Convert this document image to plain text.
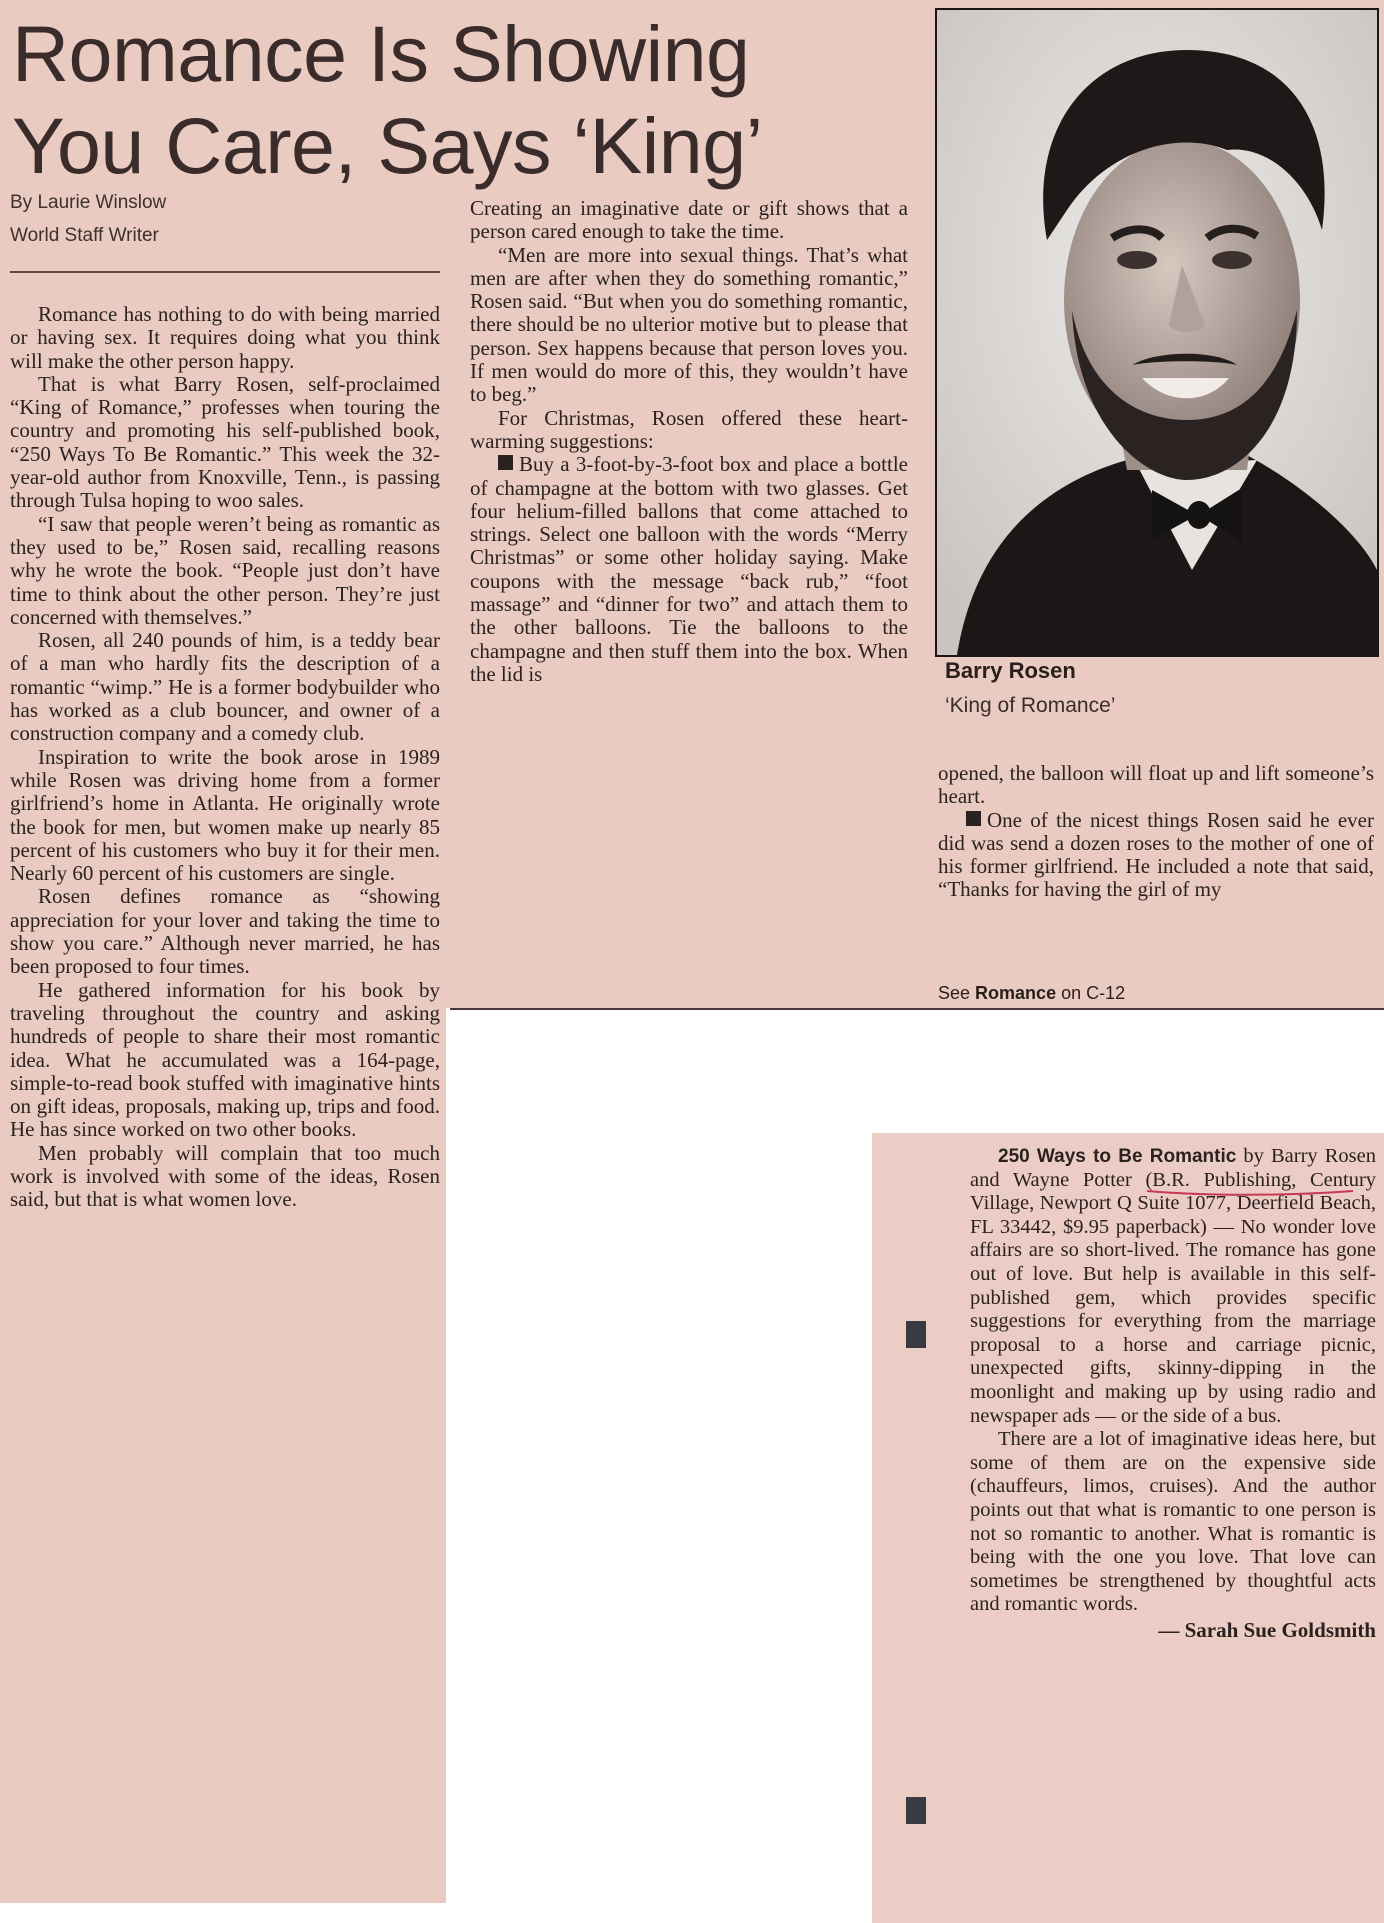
Romance Is Showing
You Care, Says ‘King’
By Laurie Winslow
World Staff Writer

Romance has nothing to do with being married or having sex. It requires doing what you think will make the other person happy.

That is what Barry Rosen, self-proclaimed “King of Romance,” professes when touring the country and promoting his self-published book, “250 Ways To Be Romantic.” This week the 32-year-old author from Knoxville, Tenn., is passing through Tulsa hoping to woo sales.

“I saw that people weren’t being as romantic as they used to be,” Rosen said, recalling reasons why he wrote the book. “People just don’t have time to think about the other person. They’re just concerned with themselves.”

Rosen, all 240 pounds of him, is a teddy bear of a man who hardly fits the description of a romantic “wimp.” He is a former bodybuilder who has worked as a club bouncer, and owner of a construction company and a comedy club.

Inspiration to write the book arose in 1989 while Rosen was driving home from a former girlfriend’s home in Atlanta. He originally wrote the book for men, but women make up nearly 85 percent of his customers who buy it for their men. Nearly 60 percent of his customers are single.

Rosen defines romance as “showing appreciation for your lover and taking the time to show you care.” Although never married, he has been proposed to four times.

He gathered information for his book by traveling throughout the country and asking hundreds of people to share their most romantic idea. What he accumulated was a 164-page, simple-to-read book stuffed with imaginative hints on gift ideas, proposals, making up, trips and food. He has since worked on two other books.

Men probably will complain that too much work is involved with some of the ideas, Rosen said, but that is what women love.

Creating an imaginative date or gift shows that a person cared enough to take the time.

“Men are more into sexual things. That’s what men are after when they do something romantic,” Rosen said. “But when you do something romantic, there should be no ulterior motive but to please that person. Sex happens because that person loves you. If men would do more of this, they wouldn’t have to beg.”

For Christmas, Rosen offered these heart-warming suggestions:

Buy a 3-foot-by-3-foot box and place a bottle of champagne at the bottom with two glasses. Get four helium-filled ballons that come attached to strings. Select one balloon with the words “Merry Christmas” or some other holiday saying. Make coupons with the message “back rub,” “foot massage” and “dinner for two” and attach them to the other balloons. Tie the balloons to the champagne and then stuff them into the box. When the lid is	Barry Rosen
‘King of Romance’

opened, the balloon will float up and lift someone’s heart.

One of the nicest things Rosen said he ever did was send a dozen roses to the mother of one of his former girlfriend. He included a note that said, “Thanks for having the girl of my

See Romance on C-12

250 Ways to Be Romantic by Barry Rosen and Wayne Potter (B.R. Publishing, Century Village, Newport Q Suite 1077, Deerfield Beach, FL 33442, $9.95 paperback) — No wonder love affairs are so short-lived. The romance has gone out of love. But help is available in this self-published gem, which provides specific suggestions for everything from the marriage proposal to a horse and carriage picnic, unexpected gifts, skinny-dipping in the moonlight and making up by using radio and newspaper ads — or the side of a bus.

There are a lot of imaginative ideas here, but some of them are on the expensive side (chauffeurs, limos, cruises). And the author points out that what is romantic to one person is not so romantic to another. What is romantic is being with the one you love. That love can sometimes be strengthened by thoughtful acts and romantic words.

— Sarah Sue Goldsmith
